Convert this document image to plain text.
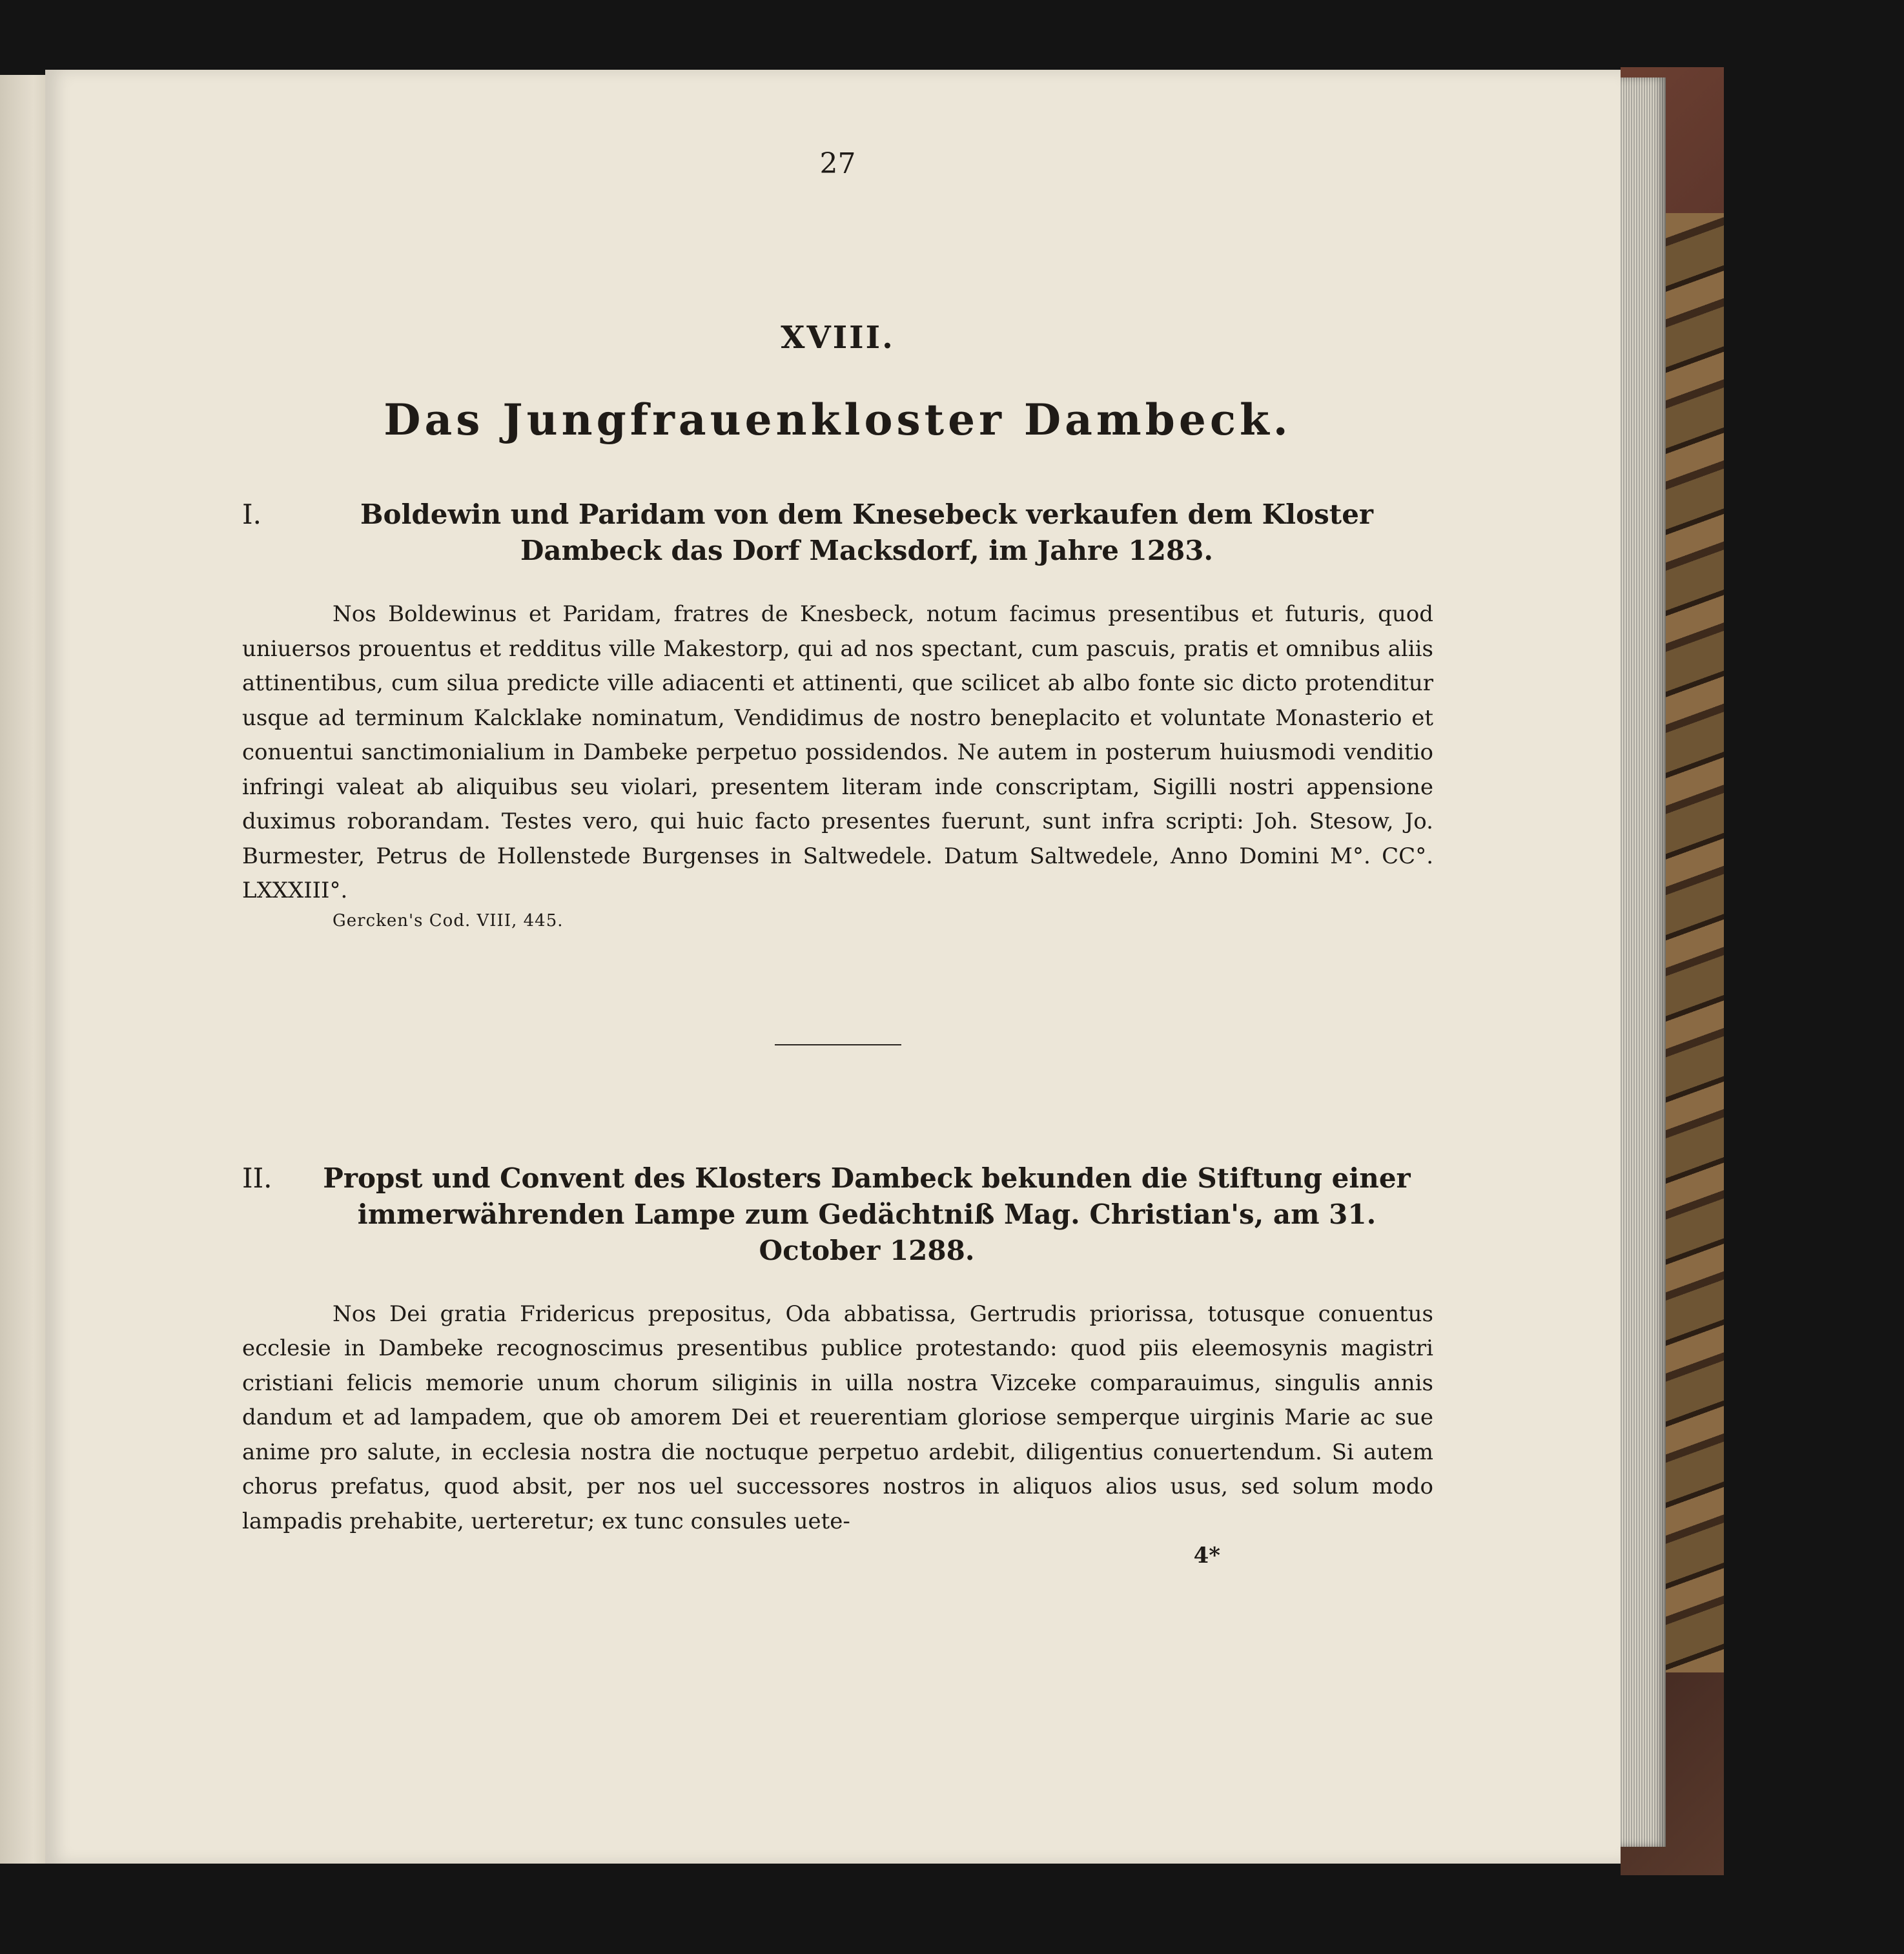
27
XVIII.
Das Jungfrauenkloster Dambeck.
I.	Boldewin und Paridam von dem Knesebeck verkaufen dem Kloster Dambeck das Dorf Macksdorf, im Jahre 1283.

Nos Boldewinus et Paridam, fratres de Knesbeck, notum facimus presentibus et futuris, quod uniuersos prouentus et redditus ville Makestorp, qui ad nos spectant, cum pascuis, pratis et omnibus aliis attinentibus, cum silua predicte ville adiacenti et attinenti, que scilicet ab albo fonte sic dicto protenditur usque ad terminum Kalcklake nominatum, Vendidimus de nostro beneplacito et voluntate Monasterio et conuentui sanctimonialium in Dambeke perpetuo possidendos. Ne autem in posterum huiusmodi venditio infringi valeat ab aliquibus seu violari, presentem literam inde conscriptam, Sigilli nostri appensione duximus roborandam. Testes vero, qui huic facto presentes fuerunt, sunt infra scripti: Joh. Stesow, Jo. Burmester, Petrus de Hollenstede Burgenses in Saltwedele. Datum Saltwedele, Anno Domini M°. CC°. LXXXIII°.

Gercken's Cod. VIII, 445.
II.	Propst und Convent des Klosters Dambeck bekunden die Stiftung einer immerwährenden Lampe zum Gedächtniß Mag. Christian's, am 31. October 1288.

Nos Dei gratia Fridericus prepositus, Oda abbatissa, Gertrudis priorissa, totusque conuentus ecclesie in Dambeke recognoscimus presentibus publice protestando: quod piis eleemosynis magistri cristiani felicis memorie unum chorum siliginis in uilla nostra Vizceke comparauimus, singulis annis dandum et ad lampadem, que ob amorem Dei et reuerentiam gloriose semperque uirginis Marie ac sue anime pro salute, in ecclesia nostra die noctuque perpetuo ardebit, diligentius conuertendum. Si autem chorus prefatus, quod absit, per nos uel successores nostros in aliquos alios usus, sed solum modo lampadis prehabite, uerteretur; ex tunc consules uete-

4*
